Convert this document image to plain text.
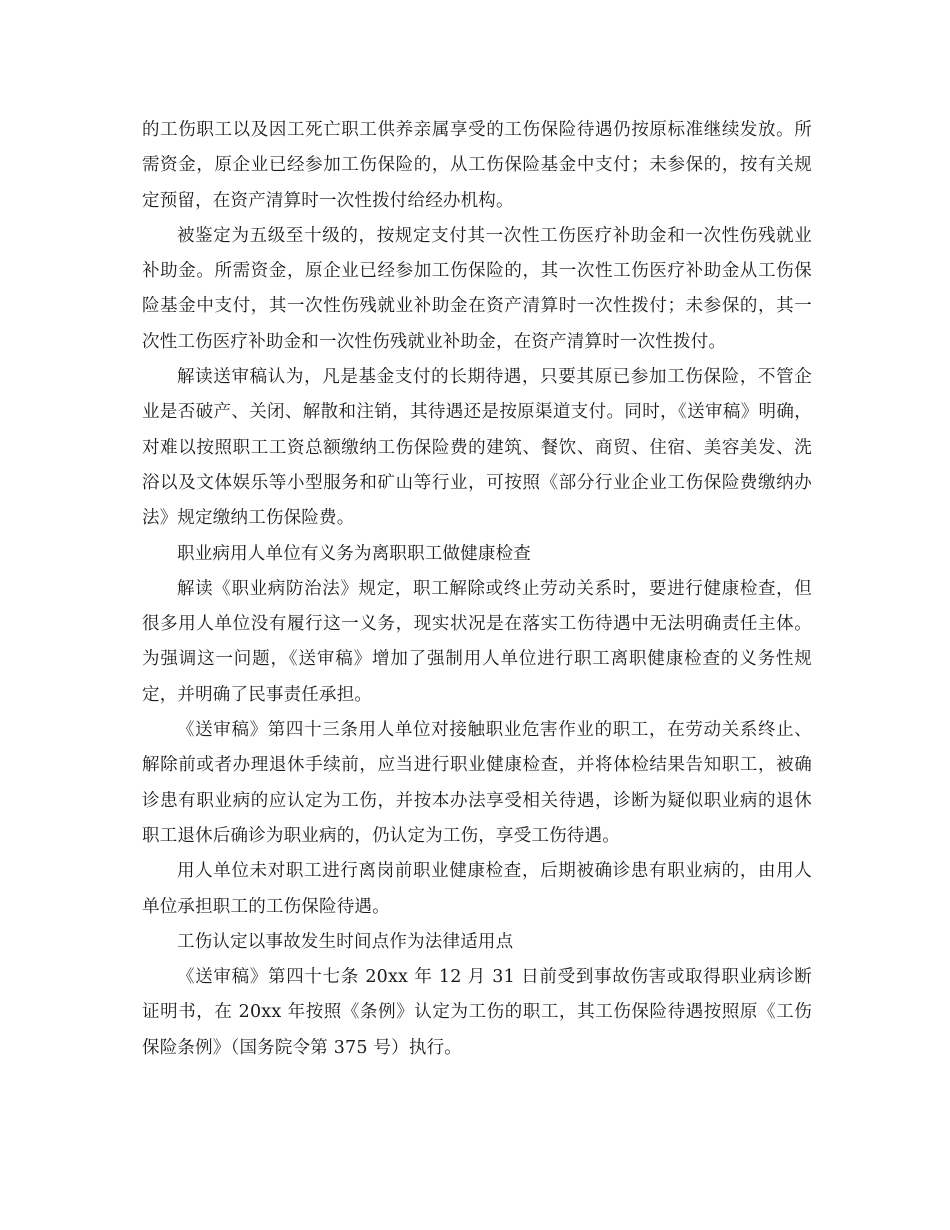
的工伤职工以及因工死亡职工供养亲属享受的工伤保险待遇仍按原标准继续发放。所需资金，原企业已经参加工伤保险的，从工伤保险基金中支付；未参保的，按有关规定预留，在资产清算时一次性拨付给经办机构。

被鉴定为五级至十级的，按规定支付其一次性工伤医疗补助金和一次性伤残就业补助金。所需资金，原企业已经参加工伤保险的，其一次性工伤医疗补助金从工伤保险基金中支付，其一次性伤残就业补助金在资产清算时一次性拨付；未参保的，其一次性工伤医疗补助金和一次性伤残就业补助金，在资产清算时一次性拨付。

解读送审稿认为，凡是基金支付的长期待遇，只要其原已参加工伤保险，不管企业是否破产、关闭、解散和注销，其待遇还是按原渠道支付。同时，《送审稿》明确，对难以按照职工工资总额缴纳工伤保险费的建筑、餐饮、商贸、住宿、美容美发、洗浴以及文体娱乐等小型服务和矿山等行业，可按照《部分行业企业工伤保险费缴纳办法》规定缴纳工伤保险费。

职业病用人单位有义务为离职职工做健康检查

解读《职业病防治法》规定，职工解除或终止劳动关系时，要进行健康检查，但很多用人单位没有履行这一义务，现实状况是在落实工伤待遇中无法明确责任主体。为强调这一问题，《送审稿》增加了强制用人单位进行职工离职健康检查的义务性规定，并明确了民事责任承担。

《送审稿》第四十三条用人单位对接触职业危害作业的职工，在劳动关系终止、解除前或者办理退休手续前，应当进行职业健康检查，并将体检结果告知职工，被确诊患有职业病的应认定为工伤，并按本办法享受相关待遇，诊断为疑似职业病的退休职工退休后确诊为职业病的，仍认定为工伤，享受工伤待遇。

用人单位未对职工进行离岗前职业健康检查，后期被确诊患有职业病的，由用人单位承担职工的工伤保险待遇。

工伤认定以事故发生时间点作为法律适用点

《送审稿》第四十七条 20xx 年 12 月 31 日前受到事故伤害或取得职业病诊断证明书，在 20xx 年按照《条例》认定为工伤的职工，其工伤保险待遇按照原《工伤保险条例》（国务院令第 375 号）执行。
